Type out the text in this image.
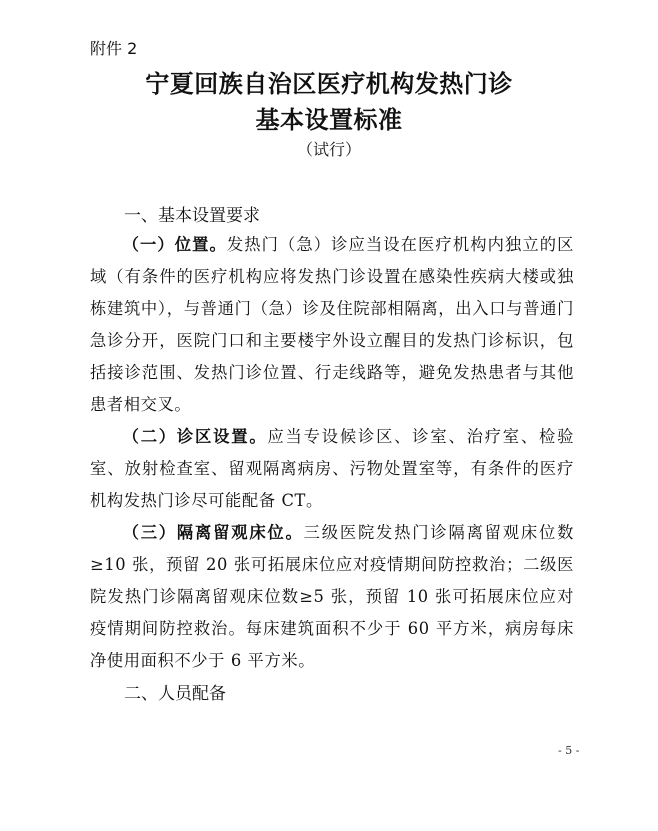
附件 2
宁夏回族自治区医疗机构发热门诊
基本设置标准
（试行）
一、基本设置要求
（一）位置。发热门（急）诊应当设在医疗机构内独立的区域（有条件的医疗机构应将发热门诊设置在感染性疾病大楼或独栋建筑中），与普通门（急）诊及住院部相隔离，出入口与普通门急诊分开，医院门口和主要楼宇外设立醒目的发热门诊标识，包括接诊范围、发热门诊位置、行走线路等，避免发热患者与其他患者相交叉。
（二）诊区设置。应当专设候诊区、诊室、治疗室、检验室、放射检查室、留观隔离病房、污物处置室等，有条件的医疗机构发热门诊尽可能配备 CT。
（三）隔离留观床位。三级医院发热门诊隔离留观床位数≥10 张，预留 20 张可拓展床位应对疫情期间防控救治；二级医院发热门诊隔离留观床位数≥5 张，预留 10 张可拓展床位应对疫情期间防控救治。每床建筑面积不少于 60 平方米，病房每床净使用面积不少于 6 平方米。
二、人员配备
- 5 -
